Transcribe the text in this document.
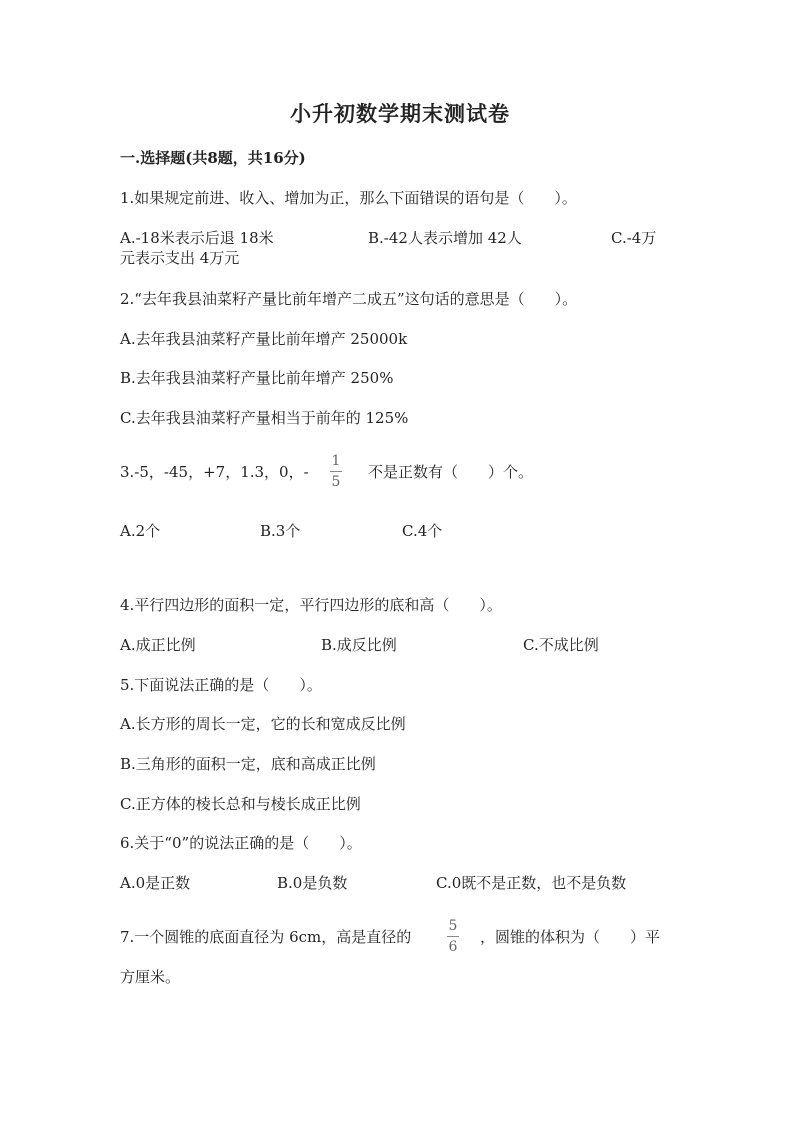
小升初数学期末测试卷
一.选择题(共8题，共16分)
1.如果规定前进、收入、增加为正，那么下面错误的语句是（　　）。
A.-18米表示后退 18米	B.-42人表示增加 42人	C.-4万
元表示支出 4万元
2.“去年我县油菜籽产量比前年增产二成五”这句话的意思是（　　）。
A.去年我县油菜籽产量比前年增产 25000k
B.去年我县油菜籽产量比前年增产 250%
C.去年我县油菜籽产量相当于前年的 125%
3.-5，-45，+7，1.3，0，-
1
5
不是正数有（　　）个。
A.2个	B.3个	C.4个
4.平行四边形的面积一定，平行四边形的底和高（　　）。
A.成正比例	B.成反比例	C.不成比例
5.下面说法正确的是（　　）。
A.长方形的周长一定，它的长和宽成反比例
B.三角形的面积一定，底和高成正比例
C.正方体的棱长总和与棱长成正比例
6.关于“0”的说法正确的是（　　）。
A.0是正数	B.0是负数	C.0既不是正数，也不是负数
7.一个圆锥的底面直径为 6cm，高是直径的
5
6
，圆锥的体积为（　　）平
方厘米。
